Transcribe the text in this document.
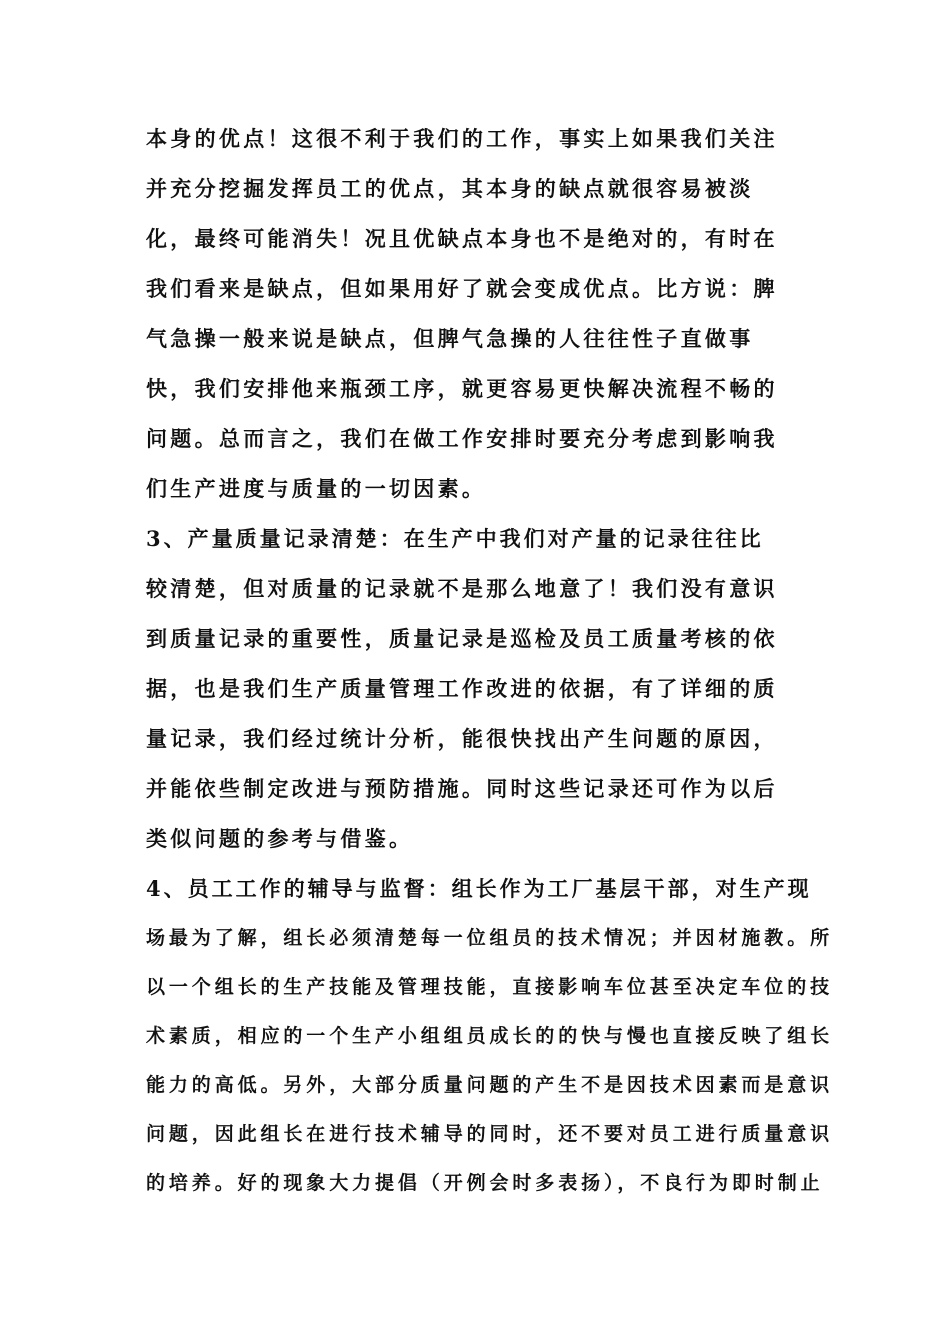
本身的优点！这很不利于我们的工作，事实上如果我们关注
并充分挖掘发挥员工的优点，其本身的缺点就很容易被淡
化，最终可能消失！况且优缺点本身也不是绝对的，有时在
我们看来是缺点，但如果用好了就会变成优点。比方说：脾
气急操一般来说是缺点，但脾气急操的人往往性子直做事
快，我们安排他来瓶颈工序，就更容易更快解决流程不畅的
问题。总而言之，我们在做工作安排时要充分考虑到影响我
们生产进度与质量的一切因素。
3、产量质量记录清楚：在生产中我们对产量的记录往往比
较清楚，但对质量的记录就不是那么地意了！我们没有意识
到质量记录的重要性，质量记录是巡检及员工质量考核的依
据，也是我们生产质量管理工作改进的依据，有了详细的质
量记录，我们经过统计分析，能很快找出产生问题的原因，
并能依些制定改进与预防措施。同时这些记录还可作为以后
类似问题的参考与借鉴。
4、员工工作的辅导与监督：组长作为工厂基层干部，对生产现
场最为了解，组长必须清楚每一位组员的技术情况；并因材施教。所
以一个组长的生产技能及管理技能，直接影响车位甚至决定车位的技
术素质，相应的一个生产小组组员成长的的快与慢也直接反映了组长
能力的高低。另外，大部分质量问题的产生不是因技术因素而是意识
问题，因此组长在进行技术辅导的同时，还不要对员工进行质量意识
的培养。好的现象大力提倡（开例会时多表扬），不良行为即时制止
